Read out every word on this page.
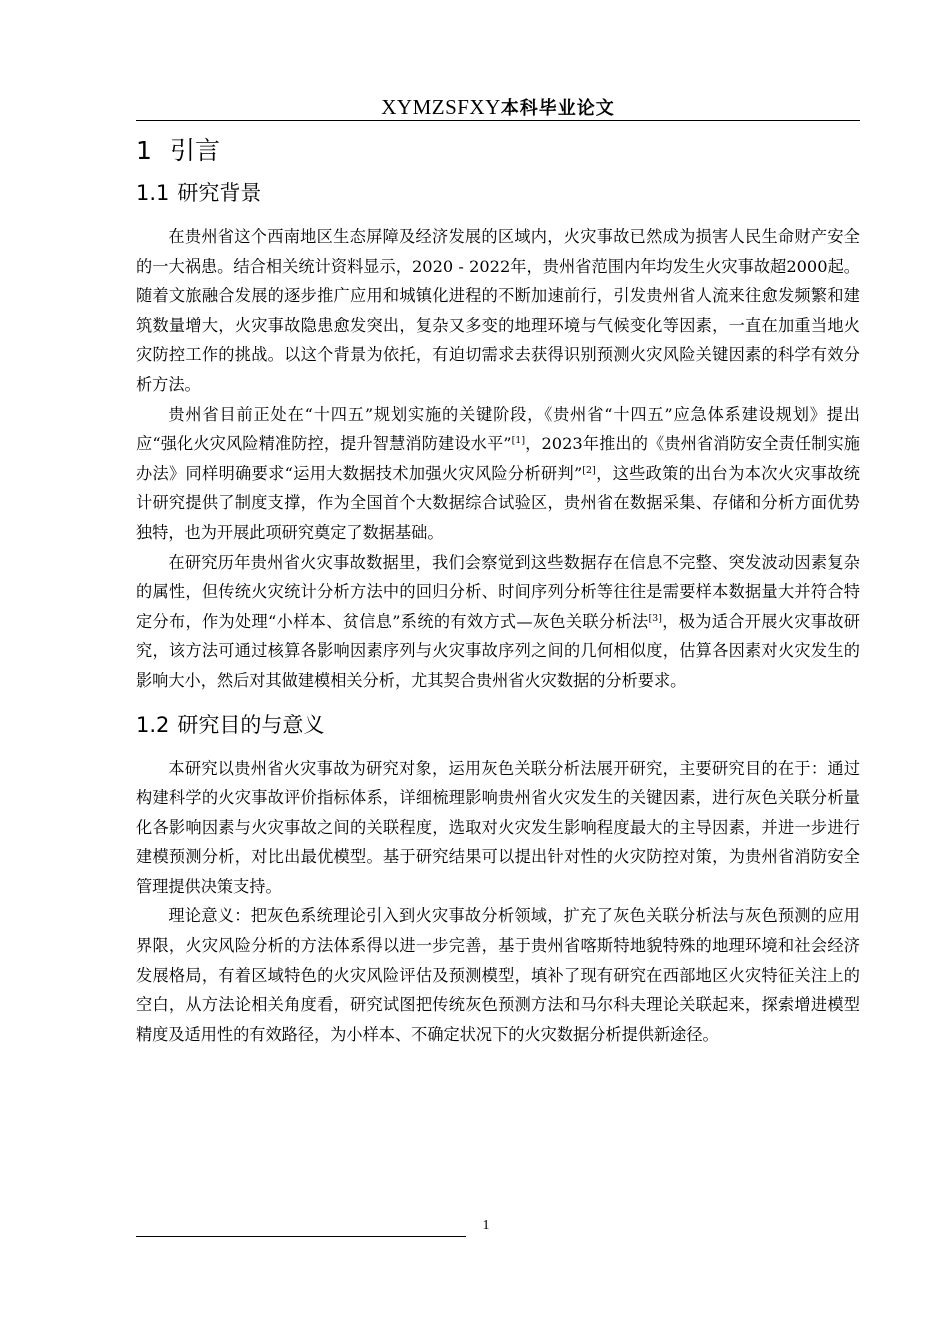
XYMZSFXY本科毕业论文
1 引言
1.1 研究背景

在贵州省这个西南地区生态屏障及经济发展的区域内，火灾事故已然成为损害人民生命财产安全的一大祸患。结合相关统计资料显示，2020 - 2022年，贵州省范围内年均发生火灾事故超2000起。随着文旅融合发展的逐步推广应用和城镇化进程的不断加速前行，引发贵州省人流来往愈发频繁和建筑数量增大，火灾事故隐患愈发突出，复杂又多变的地理环境与气候变化等因素，一直在加重当地火灾防控工作的挑战。以这个背景为依托，有迫切需求去获得识别预测火灾风险关键因素的科学有效分析方法。

贵州省目前正处在“十四五”规划实施的关键阶段，《贵州省“十四五”应急体系建设规划》提出应“强化火灾风险精准防控，提升智慧消防建设水平”[1]，2023年推出的《贵州省消防安全责任制实施办法》同样明确要求“运用大数据技术加强火灾风险分析研判”[2]，这些政策的出台为本次火灾事故统计研究提供了制度支撑，作为全国首个大数据综合试验区，贵州省在数据采集、存储和分析方面优势独特，也为开展此项研究奠定了数据基础。

在研究历年贵州省火灾事故数据里，我们会察觉到这些数据存在信息不完整、突发波动因素复杂的属性，但传统火灾统计分析方法中的回归分析、时间序列分析等往往是需要样本数据量大并符合特定分布，作为处理“小样本、贫信息”系统的有效方式—灰色关联分析法[3]，极为适合开展火灾事故研究，该方法可通过核算各影响因素序列与火灾事故序列之间的几何相似度，估算各因素对火灾发生的影响大小，然后对其做建模相关分析，尤其契合贵州省火灾数据的分析要求。

1.2 研究目的与意义

本研究以贵州省火灾事故为研究对象，运用灰色关联分析法展开研究，主要研究目的在于：通过构建科学的火灾事故评价指标体系，详细梳理影响贵州省火灾发生的关键因素，进行灰色关联分析量化各影响因素与火灾事故之间的关联程度，选取对火灾发生影响程度最大的主导因素，并进一步进行建模预测分析，对比出最优模型。基于研究结果可以提出针对性的火灾防控对策，为贵州省消防安全管理提供决策支持。

理论意义：把灰色系统理论引入到火灾事故分析领域，扩充了灰色关联分析法与灰色预测的应用界限，火灾风险分析的方法体系得以进一步完善，基于贵州省喀斯特地貌特殊的地理环境和社会经济发展格局，有着区域特色的火灾风险评估及预测模型，填补了现有研究在西部地区火灾特征关注上的空白，从方法论相关角度看，研究试图把传统灰色预测方法和马尔科夫理论关联起来，探索增进模型精度及适用性的有效路径，为小样本、不确定状况下的火灾数据分析提供新途径。

1
